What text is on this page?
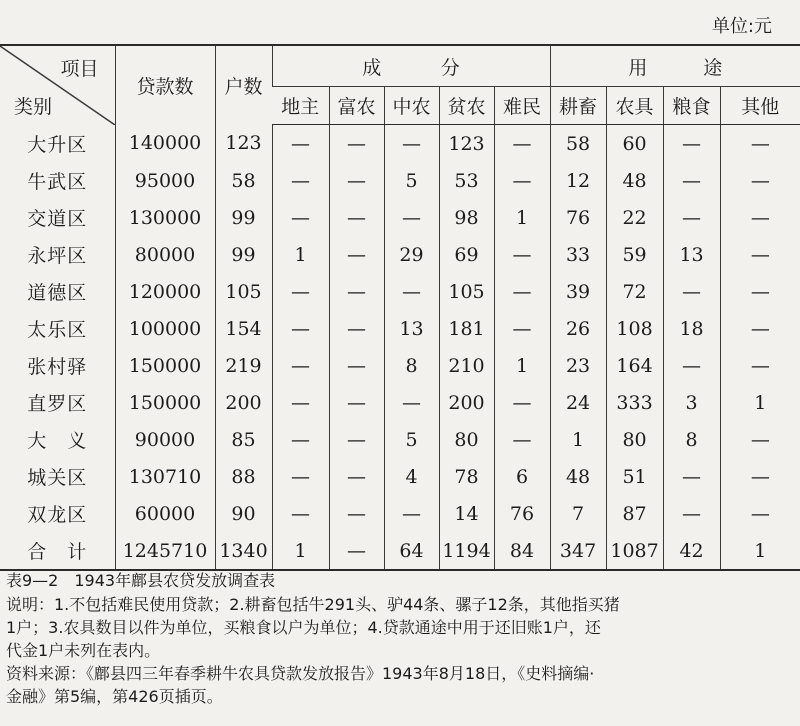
单位:元
项目
类别	贷款数	户数	成 分					用 途			

			地主	富农	中农	贫农	难民	耕畜	农具	粮食	其他
大升区	140000	123	—	—	—	123	—	58	60	—	—
牛武区	95000	58	—	—	5	53	—	12	48	—	—
交道区	130000	99	—	—	—	98	1	76	22	—	—
永坪区	80000	99	1	—	29	69	—	33	59	13	—
道德区	120000	105	—	—	—	105	—	39	72	—	—
太乐区	100000	154	—	—	13	181	—	26	108	18	—
张村驿	150000	219	—	—	8	210	1	23	164	—	—
直罗区	150000	200	—	—	—	200	—	24	333	3	1
大　义	90000	85	—	—	5	80	—	1	80	8	—
城关区	130710	88	—	—	4	78	6	48	51	—	—
双龙区	60000	90	—	—	—	14	76	7	87	—	—
合　计	1245710	1340	1	—	64	1194	84	347	1087	42	1
表9—2　1943年鄜县农贷发放调查表
说明：1.不包括难民使用贷款；2.耕畜包括牛291头、驴44条、骡子12条，其他指买猪
1户；3.农具数目以件为单位，买粮食以户为单位；4.贷款通途中用于还旧账1户，还
代金1户未列在表内。
资料来源：《鄜县四三年春季耕牛农具贷款发放报告》1943年8月18日，《史料摘编·
金融》第5编，第426页插页。
